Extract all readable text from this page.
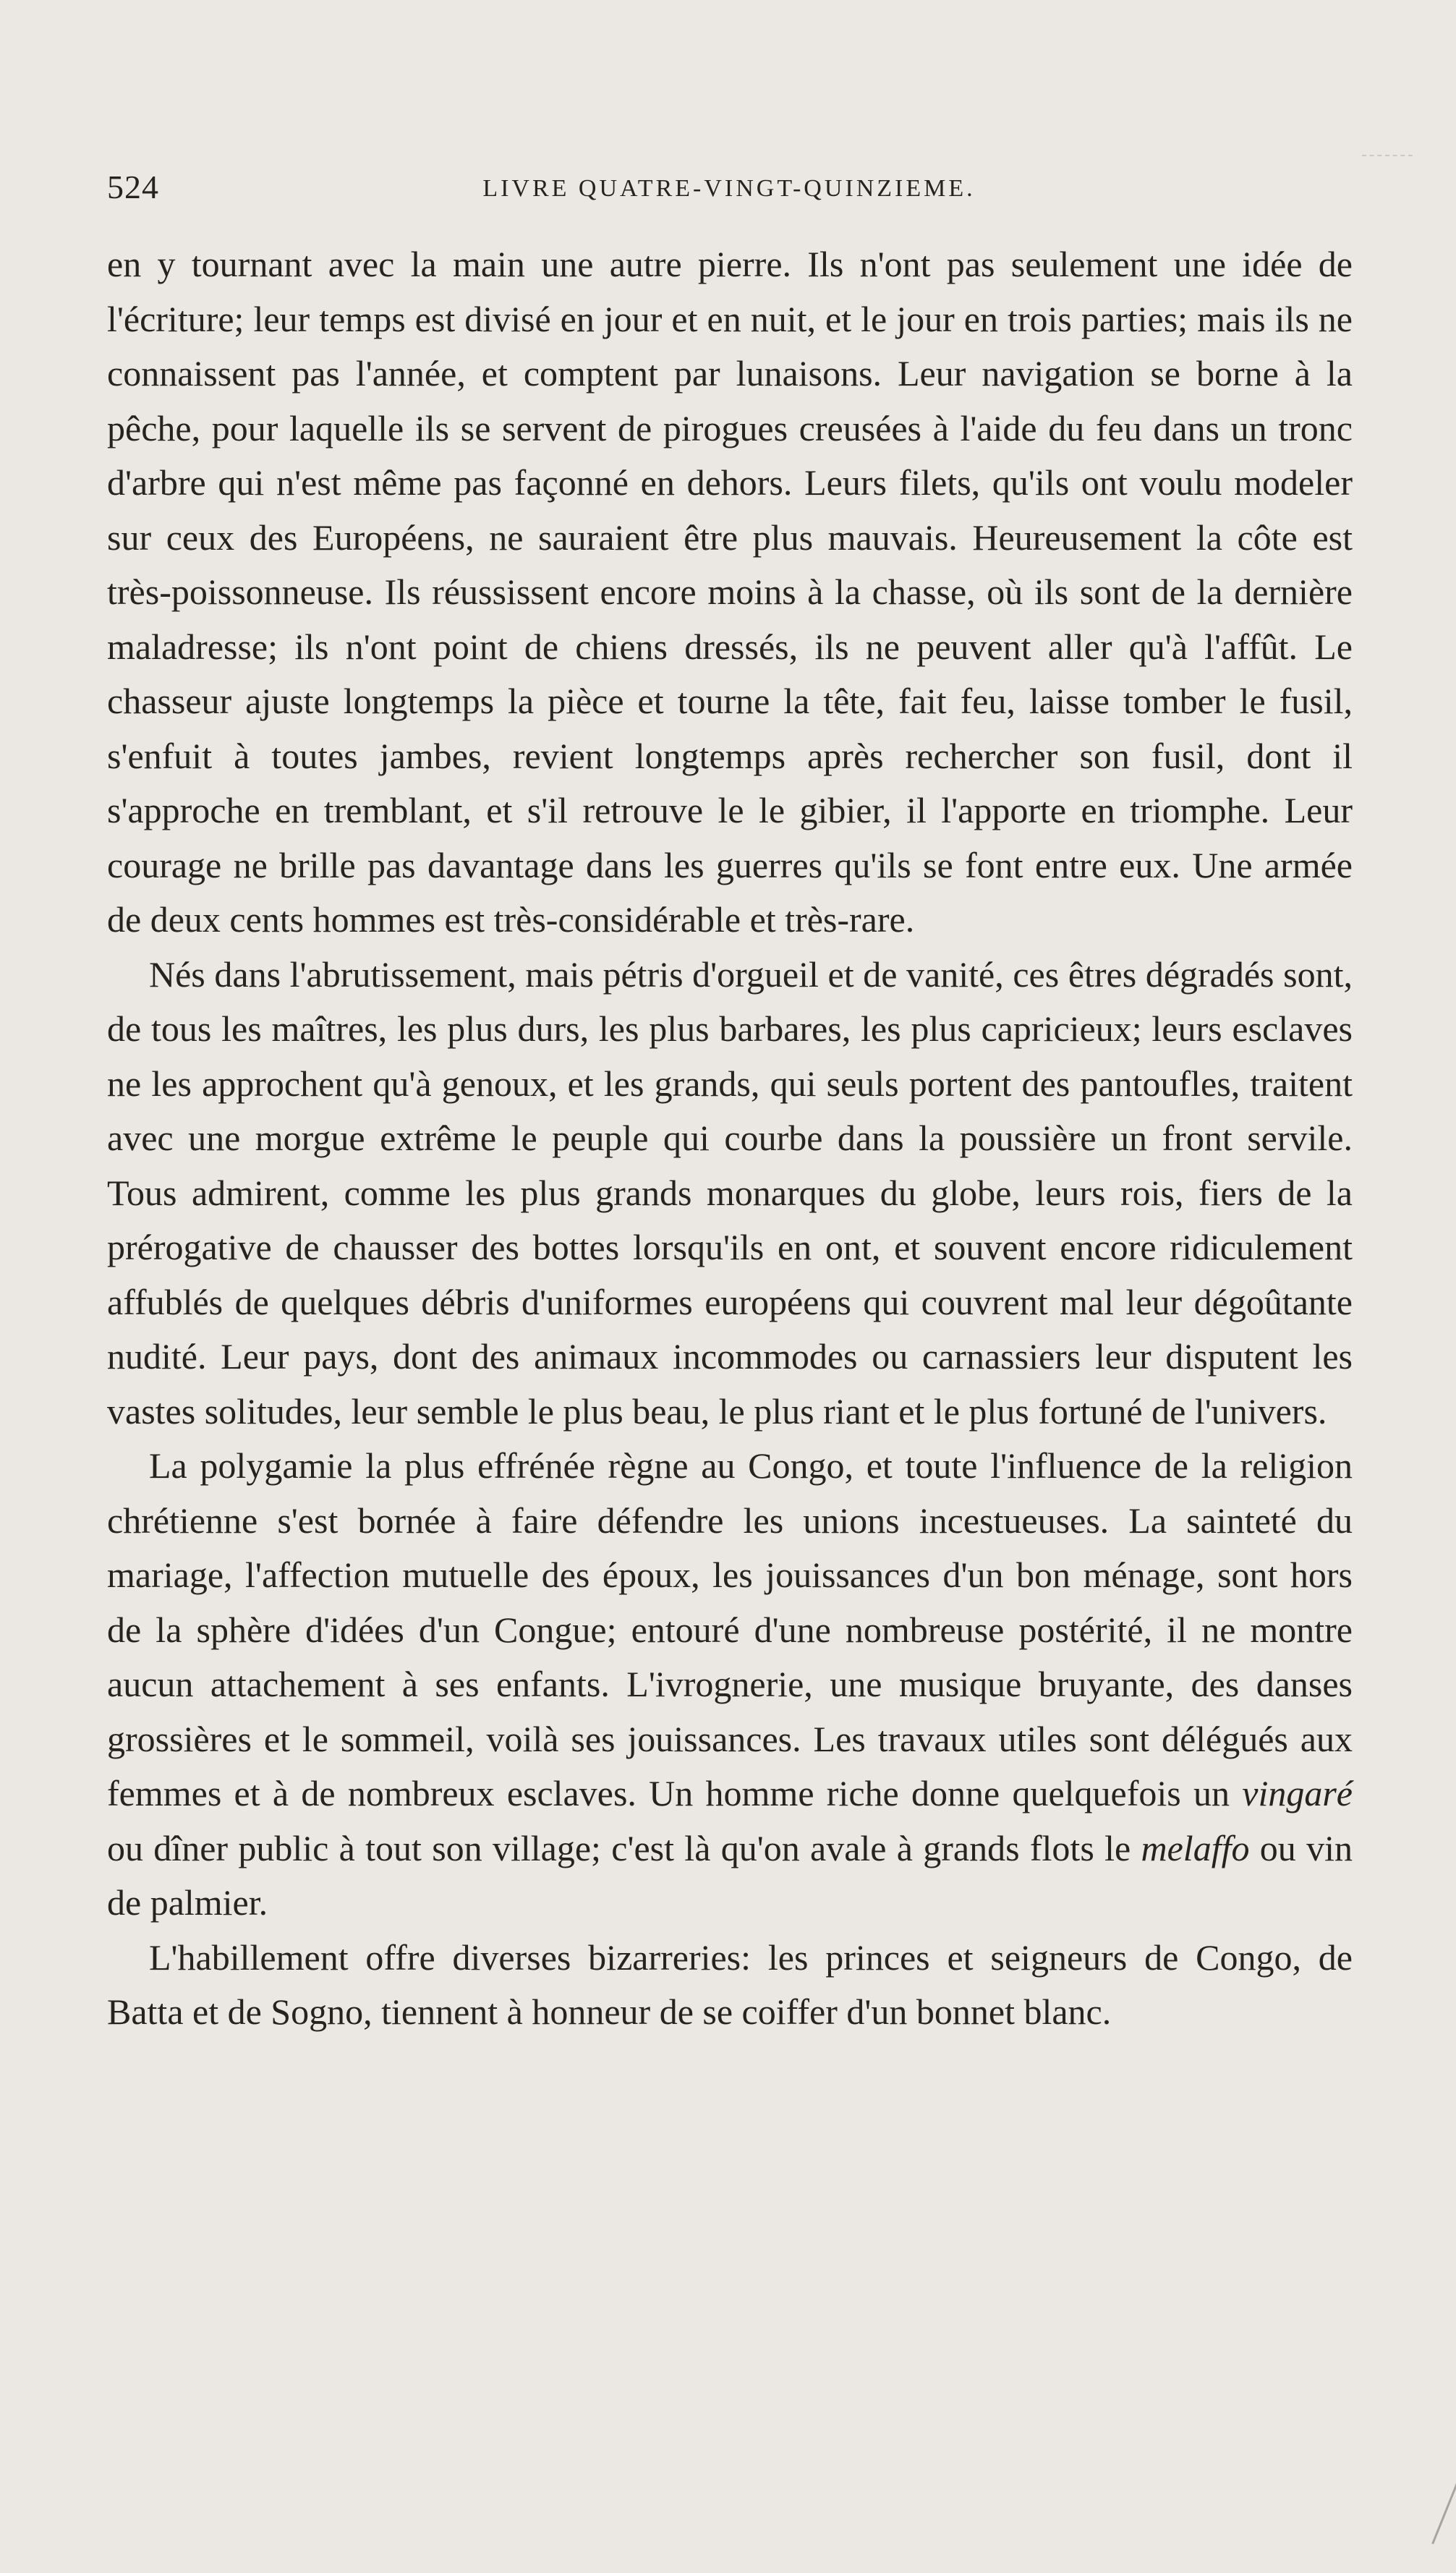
524	LIVRE QUATRE-VINGT-QUINZIEME.

en y tournant avec la main une autre pierre. Ils n'ont pas seulement une idée de l'écriture; leur temps est divisé en jour et en nuit, et le jour en trois parties; mais ils ne connaissent pas l'année, et comptent par lunaisons. Leur navigation se borne à la pêche, pour laquelle ils se servent de pirogues creusées à l'aide du feu dans un tronc d'arbre qui n'est même pas façonné en dehors. Leurs filets, qu'ils ont voulu modeler sur ceux des Européens, ne sauraient être plus mauvais. Heureusement la côte est très-poissonneuse. Ils réussissent encore moins à la chasse, où ils sont de la dernière maladresse; ils n'ont point de chiens dressés, ils ne peuvent aller qu'à l'affût. Le chasseur ajuste longtemps la pièce et tourne la tête, fait feu, laisse tomber le fusil, s'enfuit à toutes jambes, revient longtemps après rechercher son fusil, dont il s'approche en tremblant, et s'il retrouve le le gibier, il l'apporte en triomphe. Leur courage ne brille pas davantage dans les guerres qu'ils se font entre eux. Une armée de deux cents hommes est très-considérable et très-rare.

Nés dans l'abrutissement, mais pétris d'orgueil et de vanité, ces êtres dégradés sont, de tous les maîtres, les plus durs, les plus barbares, les plus capricieux; leurs esclaves ne les approchent qu'à genoux, et les grands, qui seuls portent des pantoufles, traitent avec une morgue extrême le peuple qui courbe dans la poussière un front servile. Tous admirent, comme les plus grands monarques du globe, leurs rois, fiers de la prérogative de chausser des bottes lorsqu'ils en ont, et souvent encore ridiculement affublés de quelques débris d'uniformes européens qui couvrent mal leur dégoûtante nudité. Leur pays, dont des animaux incommodes ou carnassiers leur disputent les vastes solitudes, leur semble le plus beau, le plus riant et le plus fortuné de l'univers.

La polygamie la plus effrénée règne au Congo, et toute l'influence de la religion chrétienne s'est bornée à faire défendre les unions incestueuses. La sainteté du mariage, l'affection mutuelle des époux, les jouissances d'un bon ménage, sont hors de la sphère d'idées d'un Congue; entouré d'une nombreuse postérité, il ne montre aucun attachement à ses enfants. L'ivrognerie, une musique bruyante, des danses grossières et le sommeil, voilà ses jouissances. Les travaux utiles sont délégués aux femmes et à de nombreux esclaves. Un homme riche donne quelquefois un vingaré ou dîner public à tout son village; c'est là qu'on avale à grands flots le melaffo ou vin de palmier.

L'habillement offre diverses bizarreries: les princes et seigneurs de Congo, de Batta et de Sogno, tiennent à honneur de se coiffer d'un bonnet blanc.
